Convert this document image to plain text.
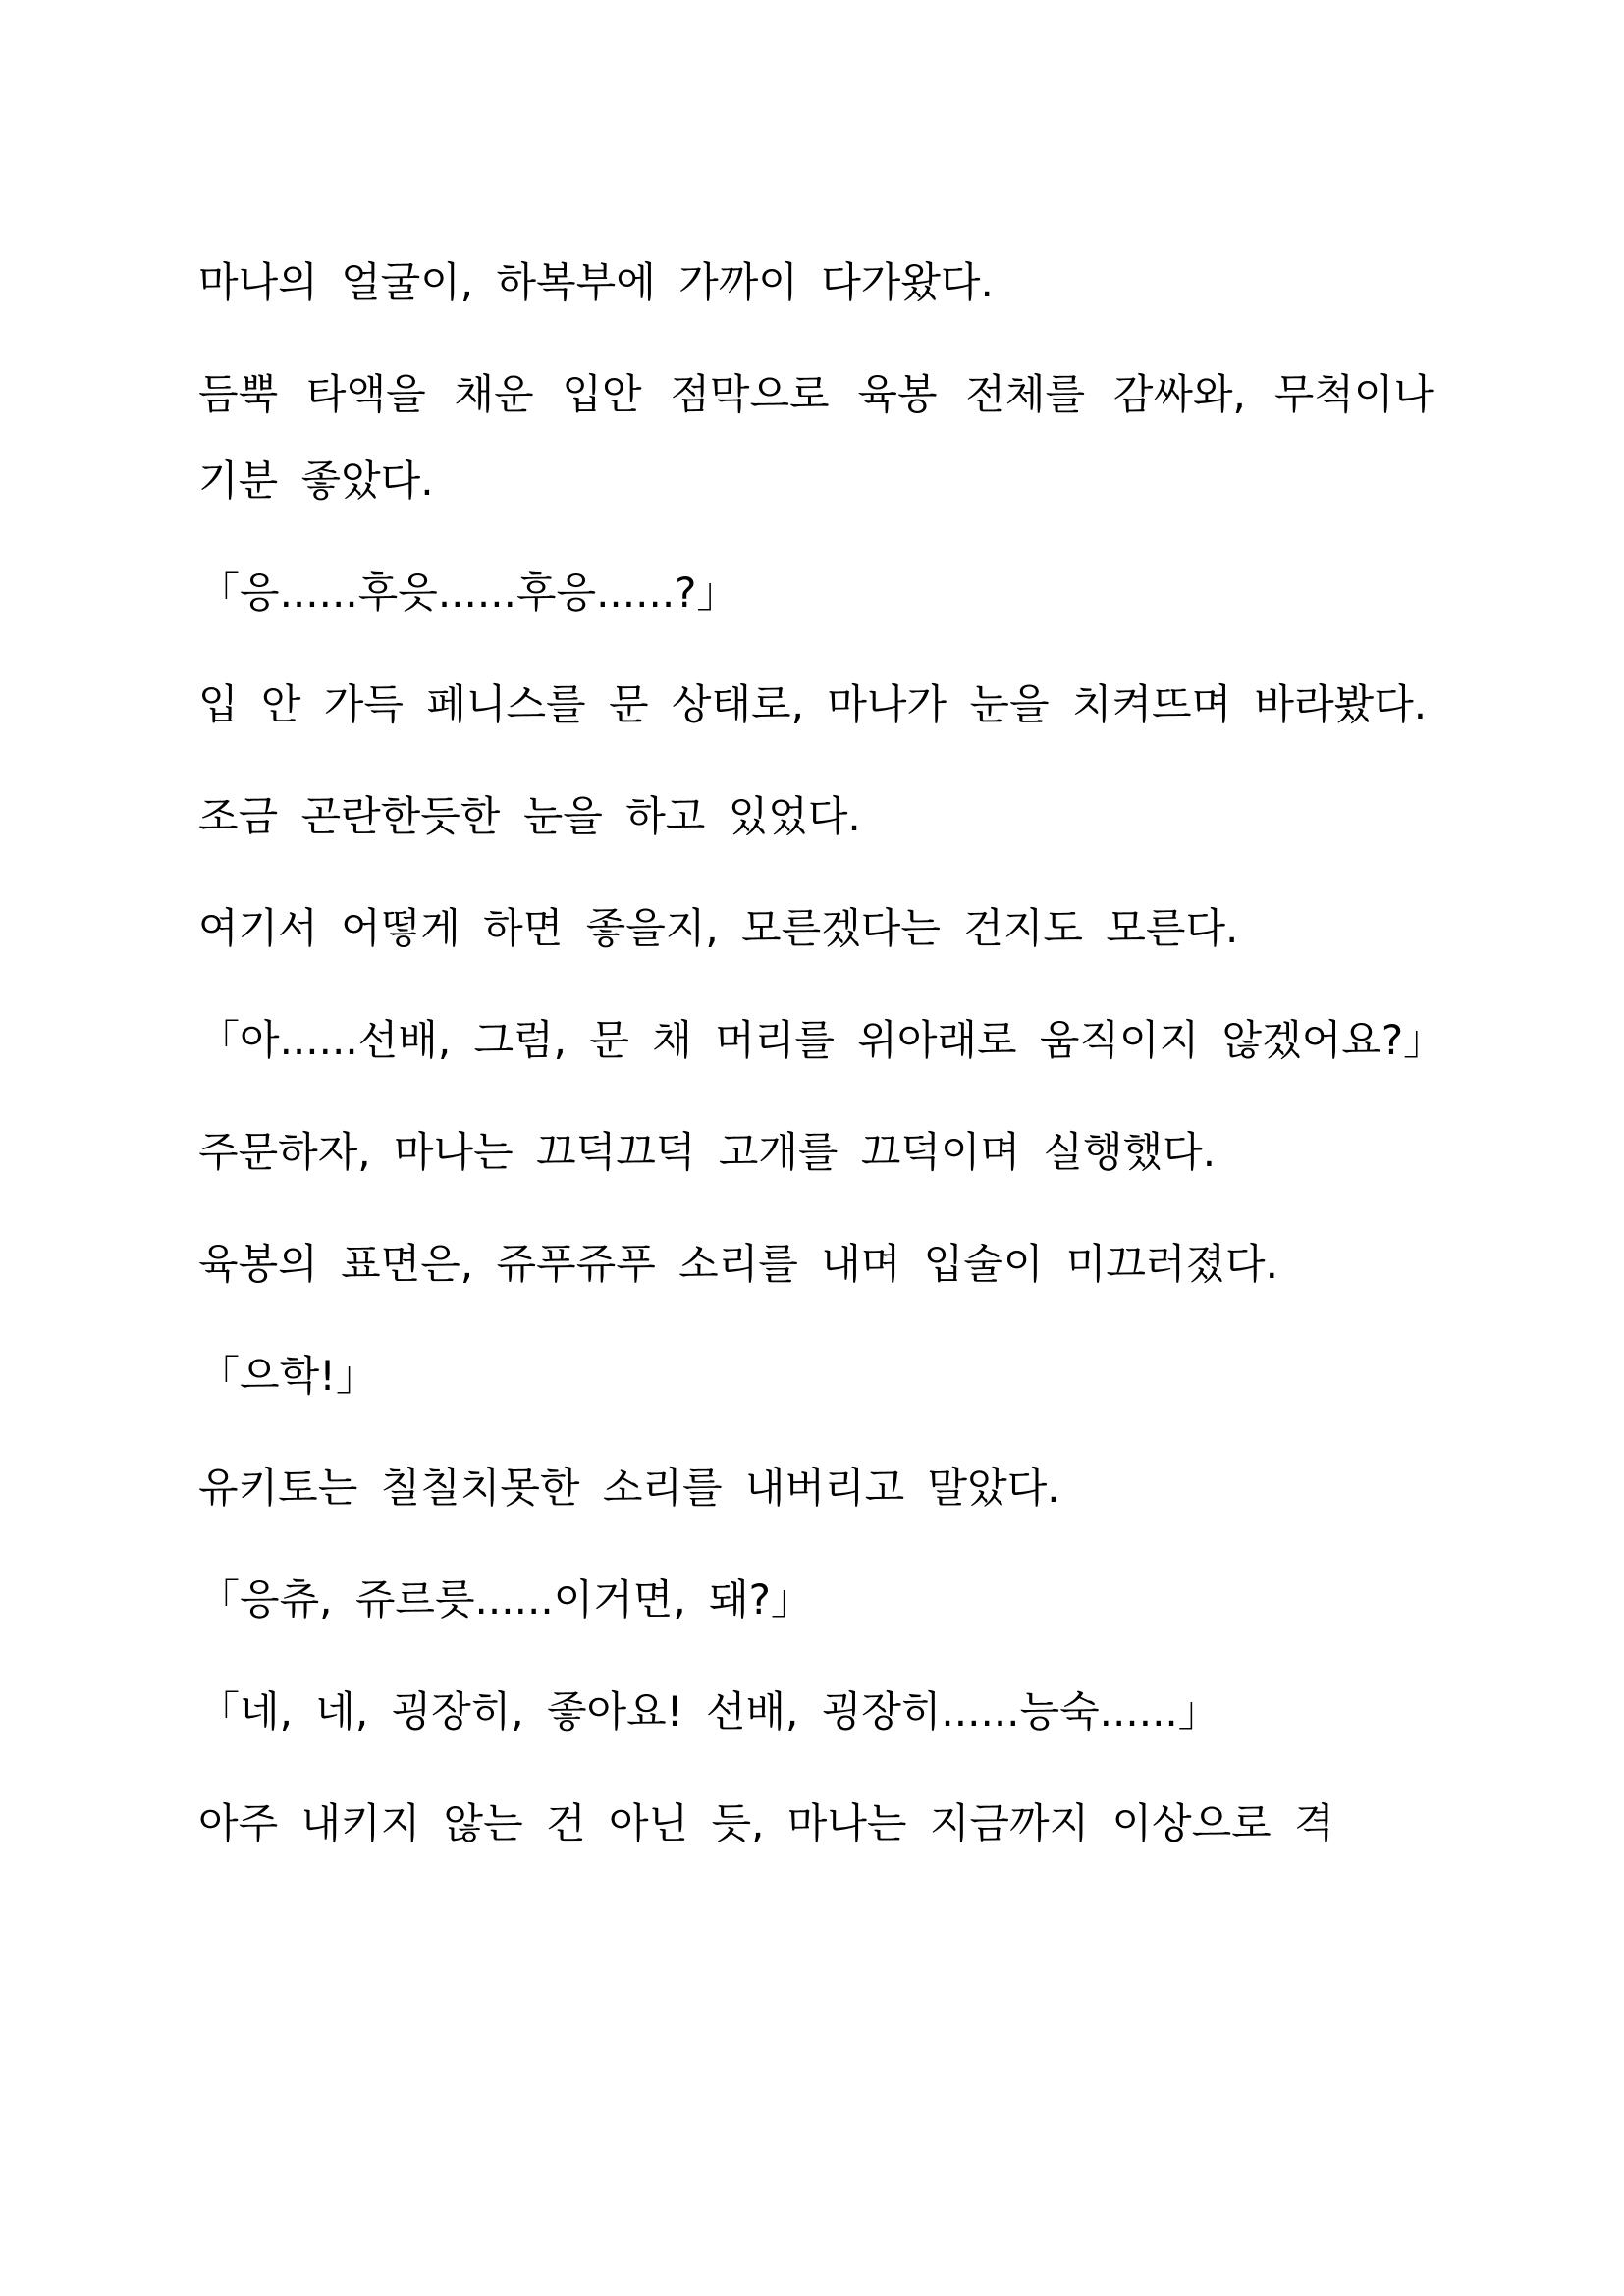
마나의 얼굴이, 하복부에 가까이 다가왔다.

듬뿍 타액을 채운 입안 점막으로 육봉 전체를 감싸와, 무척이나 기분 좋았다.

「응......후읏......후응......?」

입 안 가득 페니스를 문 상태로, 마나가 눈을 치켜뜨며 바라봤다.

조금 곤란한듯한 눈을 하고 있었다.

여기서 어떻게 하면 좋을지, 모른겠다는 건지도 모른다.

「아......선배, 그럼, 문 채 머리를 위아래로 움직이지 않겠어요?」

주문하자, 마나는 끄덕끄덕 고개를 끄덕이며 실행했다.

육봉의 표면은, 쥬푸쥬푸 소리를 내며 입술이 미끄러졌다.

「으학!」

유키토는 칠칠치못한 소리를 내버리고 말았다.

「응츄, 쥬르릇......이거면, 돼?」

「네, 네, 굉장히, 좋아요! 선배, 굉장히......능숙......」

아주 내키지 않는 건 아닌 듯, 마나는 지금까지 이상으로 격
